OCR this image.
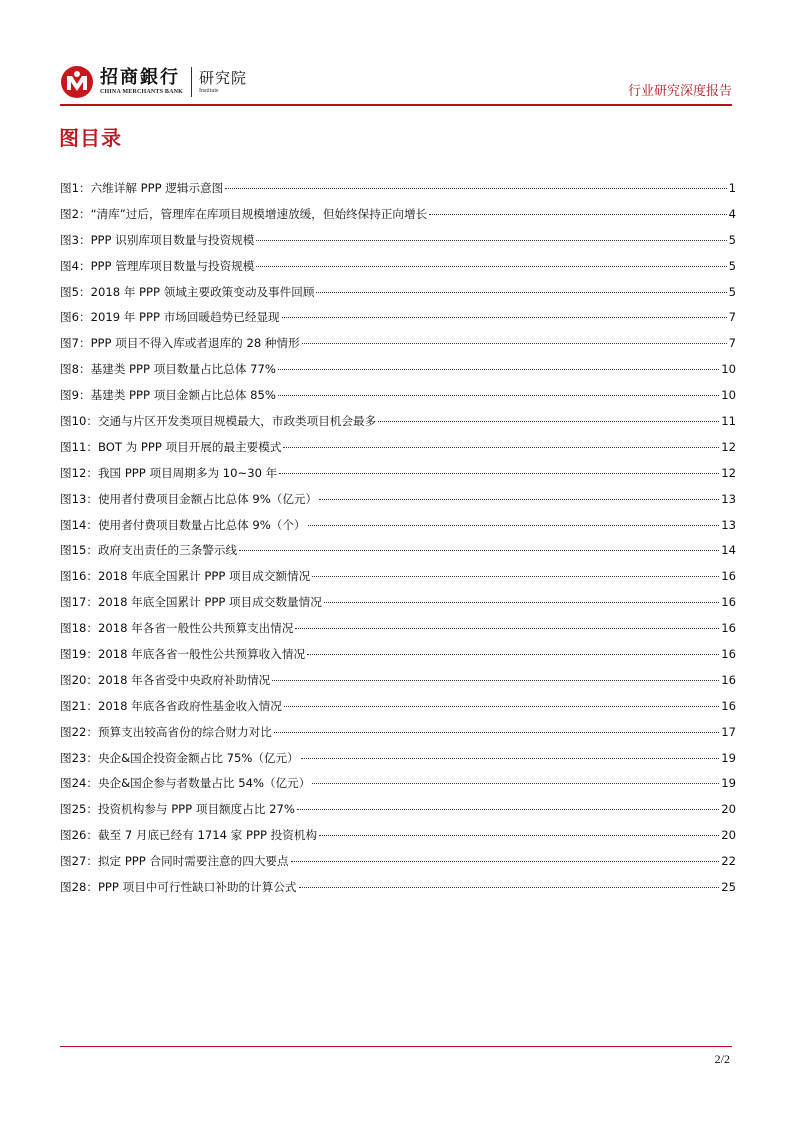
招商銀行
CHINA MERCHANTS BANK
研究院
Institute	行业研究深度报告
图目录
图1：六维详解 PPP 逻辑示意图	1
图2：“清库”过后，管理库在库项目规模增速放缓，但始终保持正向增长	4
图3：PPP 识别库项目数量与投资规模	5
图4：PPP 管理库项目数量与投资规模	5
图5：2018 年 PPP 领域主要政策变动及事件回顾	5
图6：2019 年 PPP 市场回暖趋势已经显现	7
图7：PPP 项目不得入库或者退库的 28 种情形	7
图8：基建类 PPP 项目数量占比总体 77%	10
图9：基建类 PPP 项目金额占比总体 85%	10
图10：交通与片区开发类项目规模最大，市政类项目机会最多	11
图11：BOT 为 PPP 项目开展的最主要模式	12
图12：我国 PPP 项目周期多为 10~30 年	12
图13：使用者付费项目金额占比总体 9%（亿元）	13
图14：使用者付费项目数量占比总体 9%（个）	13
图15：政府支出责任的三条警示线	14
图16：2018 年底全国累计 PPP 项目成交额情况	16
图17：2018 年底全国累计 PPP 项目成交数量情况	16
图18：2018 年各省一般性公共预算支出情况	16
图19：2018 年底各省一般性公共预算收入情况	16
图20：2018 年各省受中央政府补助情况	16
图21：2018 年底各省政府性基金收入情况	16
图22：预算支出较高省份的综合财力对比	17
图23：央企&国企投资金额占比 75%（亿元）	19
图24：央企&国企参与者数量占比 54%（亿元）	19
图25：投资机构参与 PPP 项目额度占比 27%	20
图26：截至 7 月底已经有 1714 家 PPP 投资机构	20
图27：拟定 PPP 合同时需要注意的四大要点	22
图28：PPP 项目中可行性缺口补助的计算公式	25
2/2
